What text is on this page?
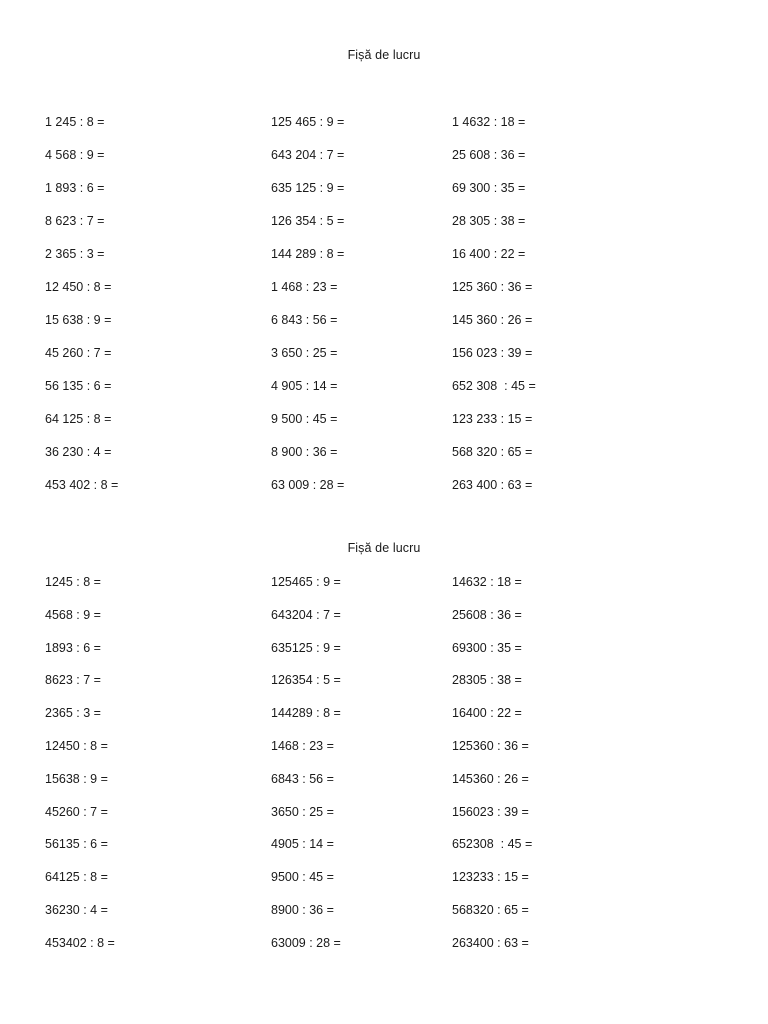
Fișă de lucru
1 245 : 8 =	125 465 : 9 =	1 4632 : 18 =
4 568 : 9 =	643 204 : 7 =	25 608 : 36 =
1 893 : 6 =	635 125 : 9 =	69 300 : 35 =
8 623 : 7 =	126 354 : 5 =	28 305 : 38 =
2 365 : 3 =	144 289 : 8 =	16 400 : 22 =
12 450 : 8 =	1 468 : 23 =	125 360 : 36 =
15 638 : 9 =	6 843 : 56 =	145 360 : 26 =
45 260 : 7 =	3 650 : 25 =	156 023 : 39 =
56 135 : 6 =	4 905 : 14 =	652 308  : 45 =
64 125 : 8 =	9 500 : 45 =	123 233 : 15 =
36 230 : 4 =	8 900 : 36 =	568 320 : 65 =
453 402 : 8 =	63 009 : 28 =	263 400 : 63 =
Fișă de lucru
1245 : 8 =	125465 : 9 =	14632 : 18 =
4568 : 9 =	643204 : 7 =	25608 : 36 =
1893 : 6 =	635125 : 9 =	69300 : 35 =
8623 : 7 =	126354 : 5 =	28305 : 38 =
2365 : 3 =	144289 : 8 =	16400 : 22 =
12450 : 8 =	1468 : 23 =	125360 : 36 =
15638 : 9 =	6843 : 56 =	145360 : 26 =
45260 : 7 =	3650 : 25 =	156023 : 39 =
56135 : 6 =	4905 : 14 =	652308  : 45 =
64125 : 8 =	9500 : 45 =	123233 : 15 =
36230 : 4 =	8900 : 36 =	568320 : 65 =
453402 : 8 =	63009 : 28 =	263400 : 63 =
